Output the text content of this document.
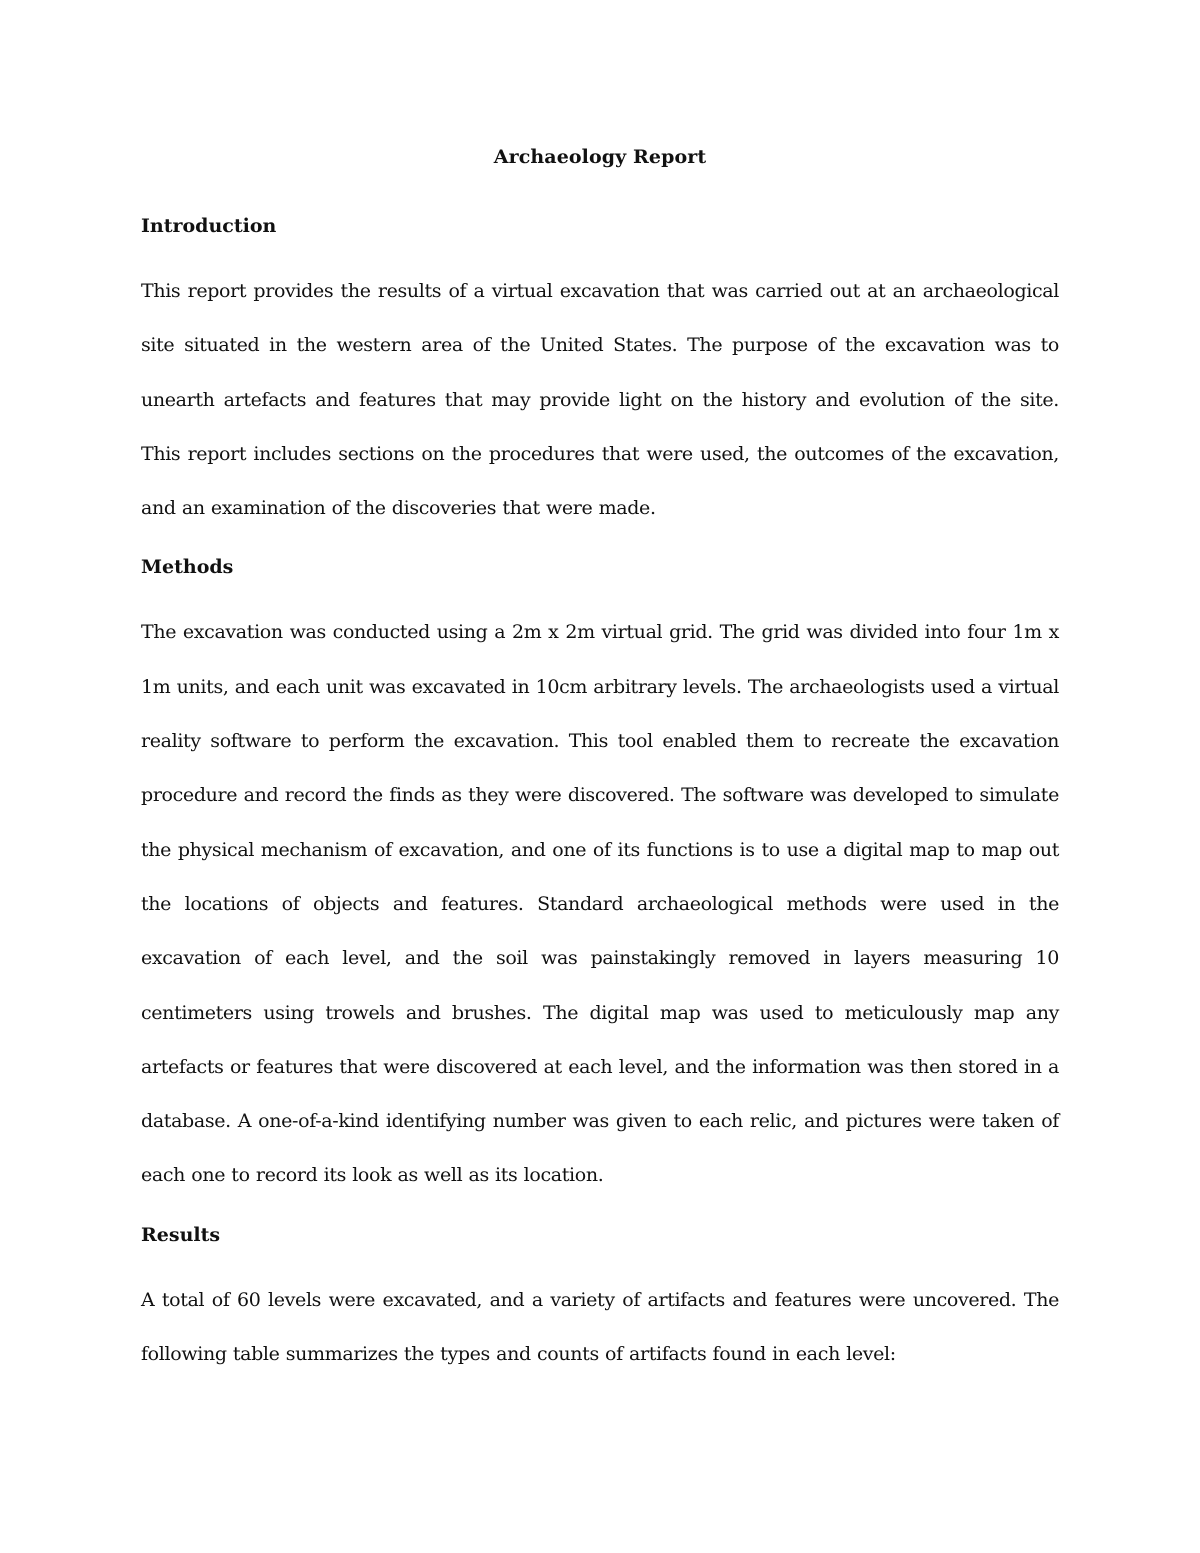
Archaeology Report
Introduction

This report provides the results of a virtual excavation that was carried out at an archaeological site situated in the western area of the United States. The purpose of the excavation was to unearth artefacts and features that may provide light on the history and evolution of the site. This report includes sections on the procedures that were used, the outcomes of the excavation, and an examination of the discoveries that were made.

Methods

The excavation was conducted using a 2m x 2m virtual grid. The grid was divided into four 1m x 1m units, and each unit was excavated in 10cm arbitrary levels. The archaeologists used a virtual reality software to perform the excavation. This tool enabled them to recreate the excavation procedure and record the finds as they were discovered. The software was developed to simulate the physical mechanism of excavation, and one of its functions is to use a digital map to map out the locations of objects and features. Standard archaeological methods were used in the excavation of each level, and the soil was painstakingly removed in layers measuring 10 centimeters using trowels and brushes. The digital map was used to meticulously map any artefacts or features that were discovered at each level, and the information was then stored in a database. A one-of-a-kind identifying number was given to each relic, and pictures were taken of each one to record its look as well as its location.

Results

A total of 60 levels were excavated, and a variety of artifacts and features were uncovered. The following table summarizes the types and counts of artifacts found in each level:
